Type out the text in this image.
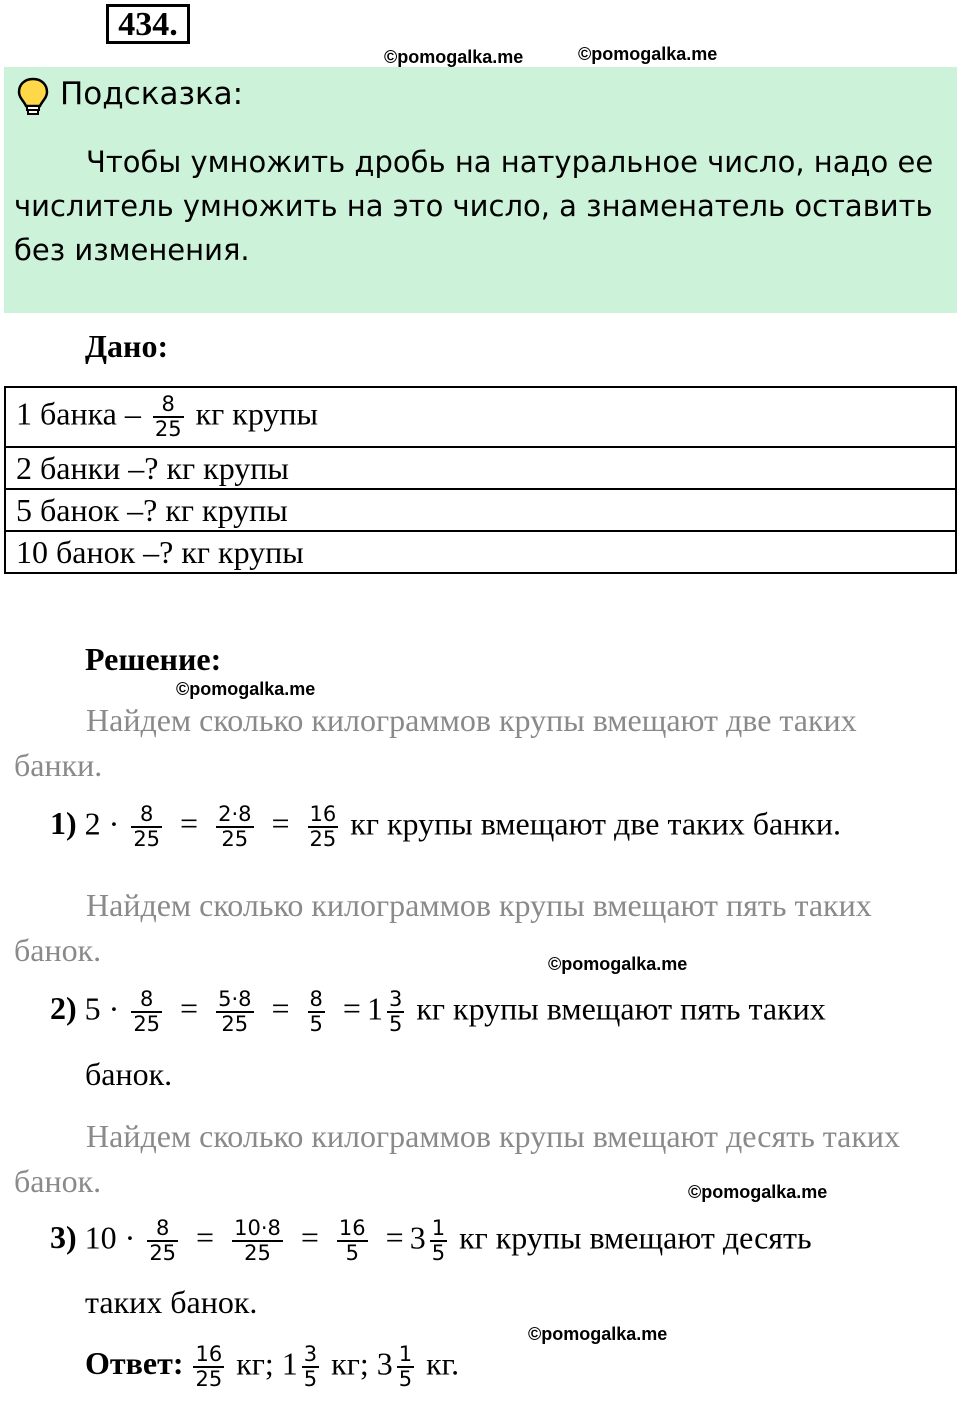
434.
©pomogalka.me	©pomogalka.me
Подсказка:
Чтобы умножить дробь на натуральное число, надо ее числитель умножить на это число, а знаменатель оставить без изменения.
Дано:
1 банка – $\frac{8}{25}$ кг крупы
2 банки –? кг крупы
5 банок –? кг крупы
10 банок –? кг крупы
Решение:
©pomogalka.me
Найдем сколько килограммов крупы вмещают две таких банки.
1) $2 \cdot \frac{8}{25} = \frac{2\cdot 8}{25} = \frac{16}{25}$ кг крупы вмещают две таких банки.
Найдем сколько килограммов крупы вмещают пять таких банок.	©pomogalka.me
2) $5 \cdot \frac{8}{25} = \frac{5\cdot 8}{25} = \frac{8}{5} = 1 \frac{3}{5}$ кг крупы вмещают пять таких
банок.
Найдем сколько килограммов крупы вмещают десять таких банок.	©pomogalka.me
3) $10 \cdot \frac{8}{25} = \frac{10\cdot 8}{25} = \frac{16}{5} = 3 \frac{1}{5}$ кг крупы вмещают десять
таких банок.
©pomogalka.me
Ответ: $\frac{16}{25}$ кг; $1 \frac{3}{5}$ кг; $3 \frac{1}{5}$ кг.
